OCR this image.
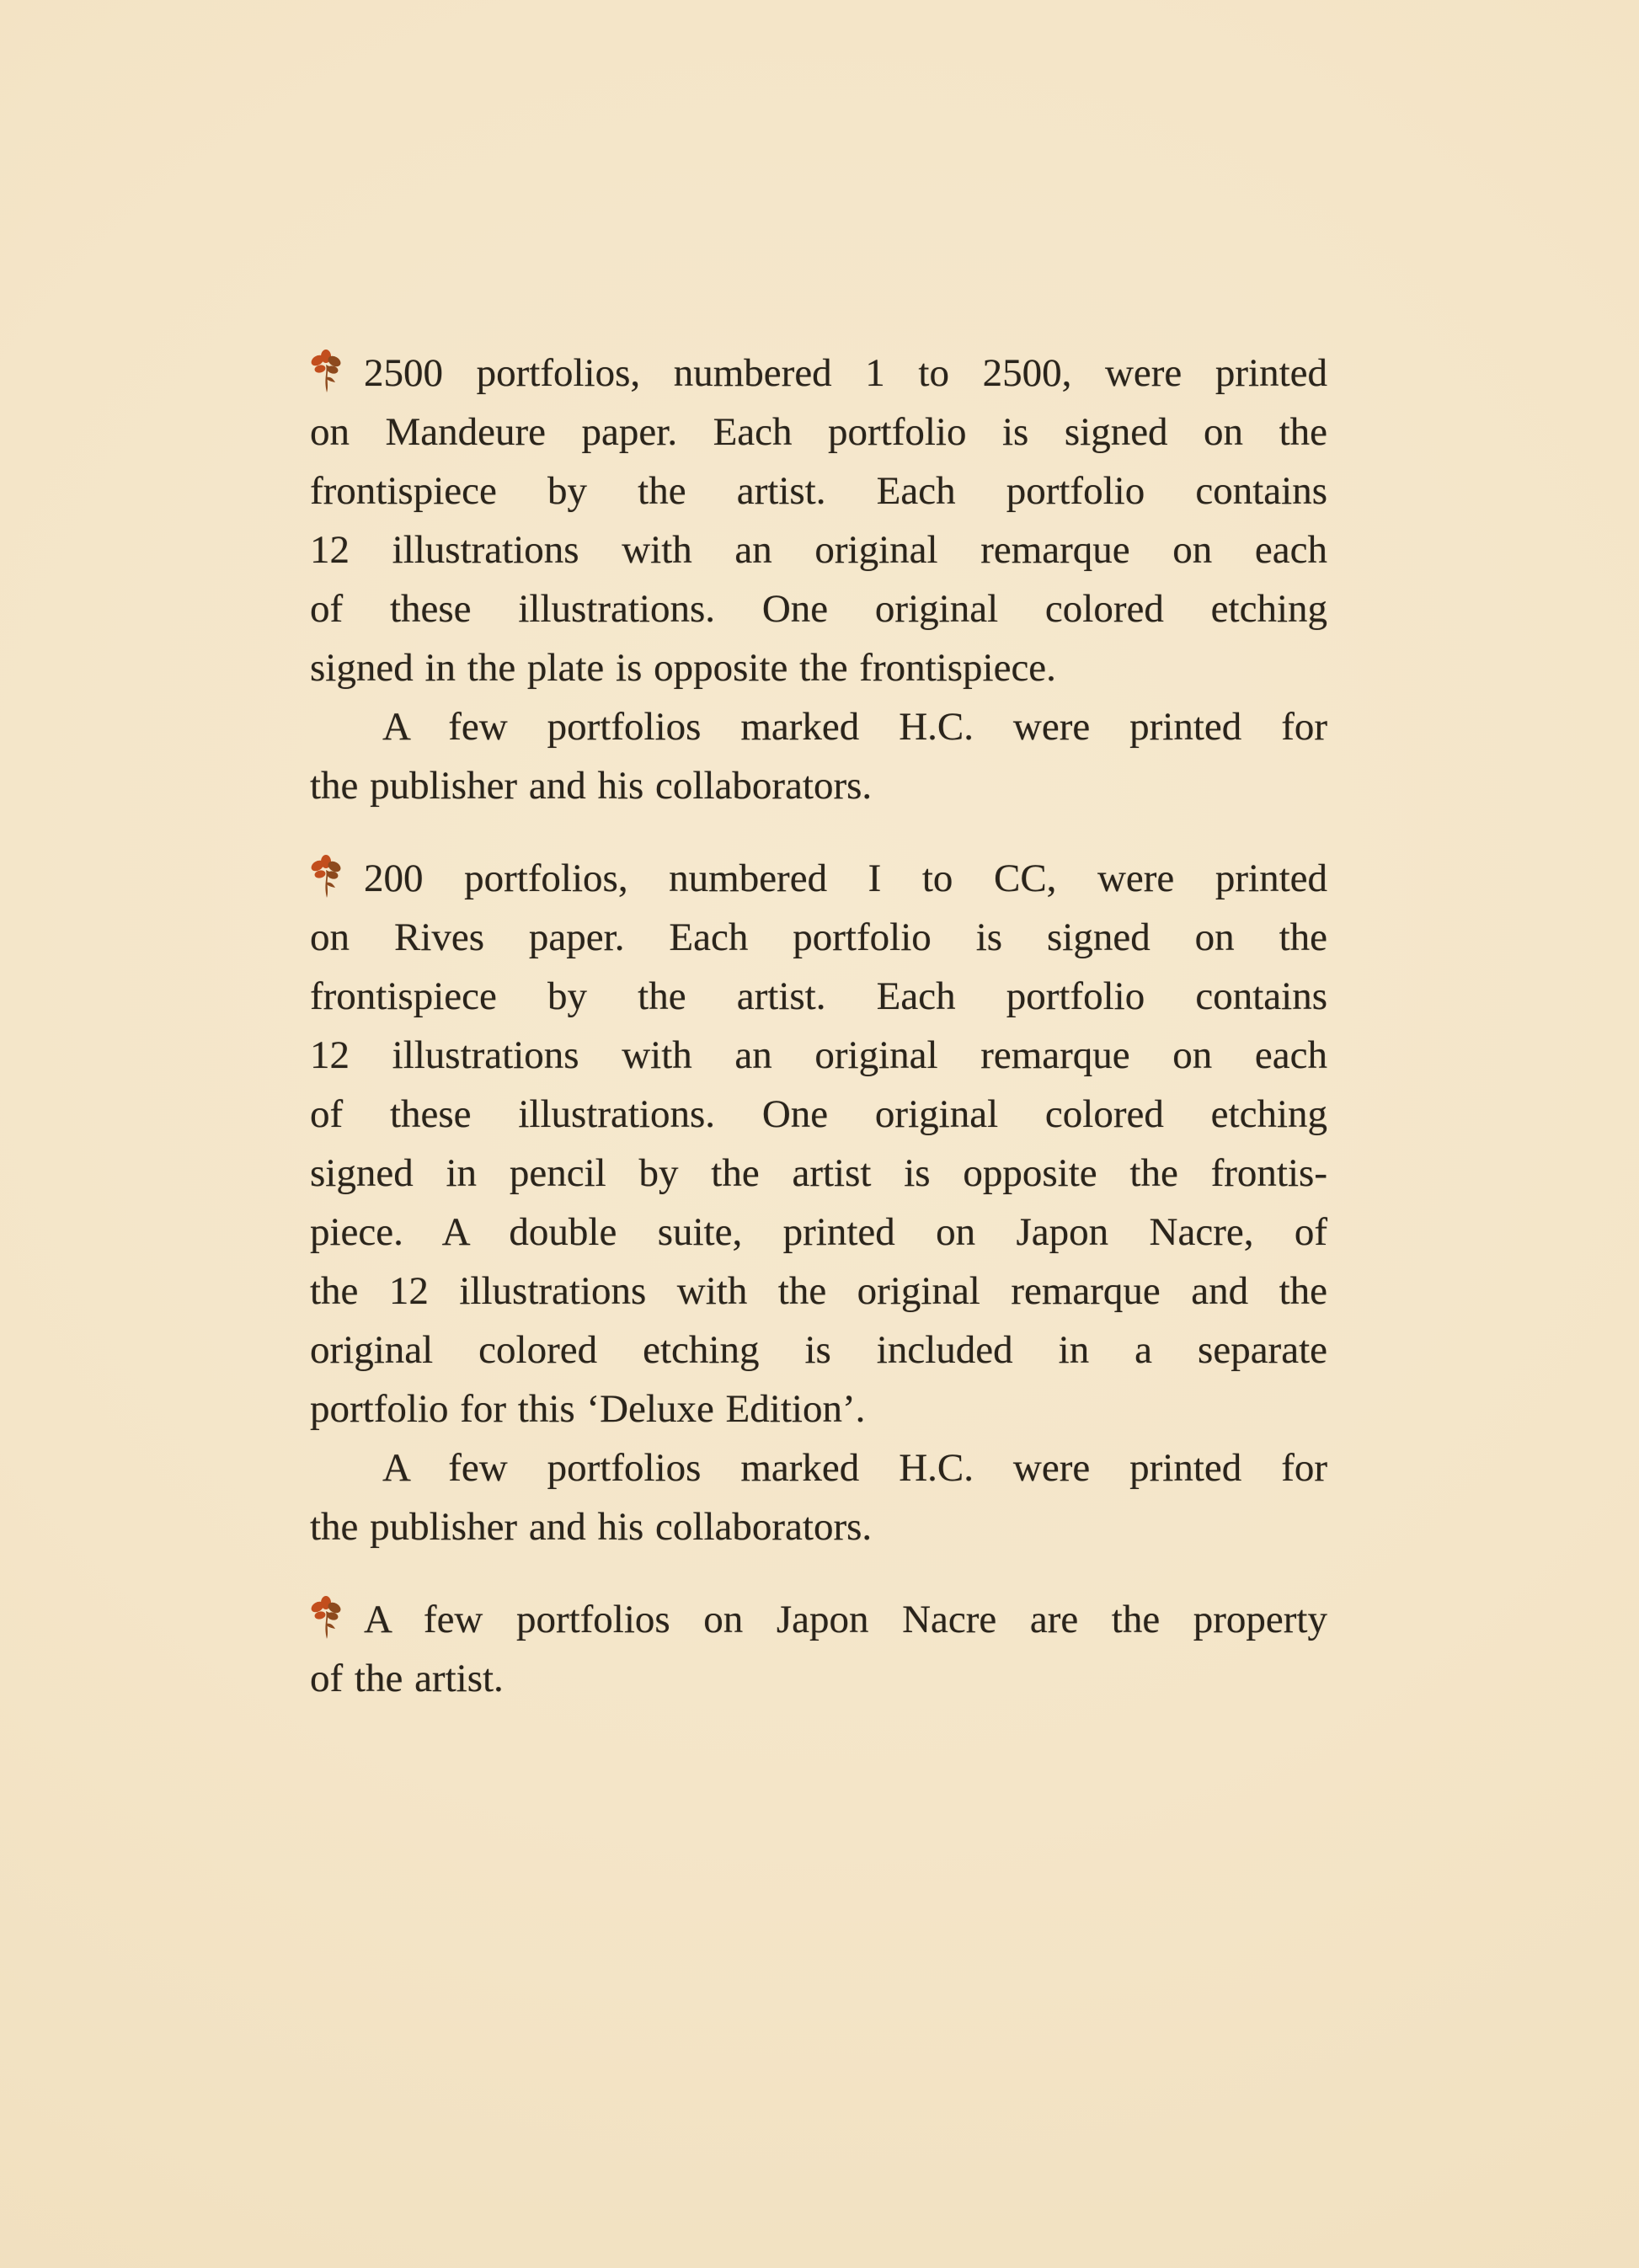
2500 portfolios, numbered 1 to 2500, were printed
on Mandeure paper. Each portfolio is signed on the
frontispiece by the artist. Each portfolio contains
12 illustrations with an original remarque on each
of these illustrations. One original colored etching
signed in the plate is opposite the frontispiece.
A few portfolios marked H.C. were printed for
the publisher and his collaborators.
200 portfolios, numbered I to CC, were printed
on Rives paper. Each portfolio is signed on the
frontispiece by the artist. Each portfolio contains
12 illustrations with an original remarque on each
of these illustrations. One original colored etching
signed in pencil by the artist is opposite the frontis-
piece. A double suite, printed on Japon Nacre, of
the 12 illustrations with the original remarque and the
original colored etching is included in a separate
portfolio for this ‘Deluxe Edition’.
A few portfolios marked H.C. were printed for
the publisher and his collaborators.
A few portfolios on Japon Nacre are the property
of the artist.
